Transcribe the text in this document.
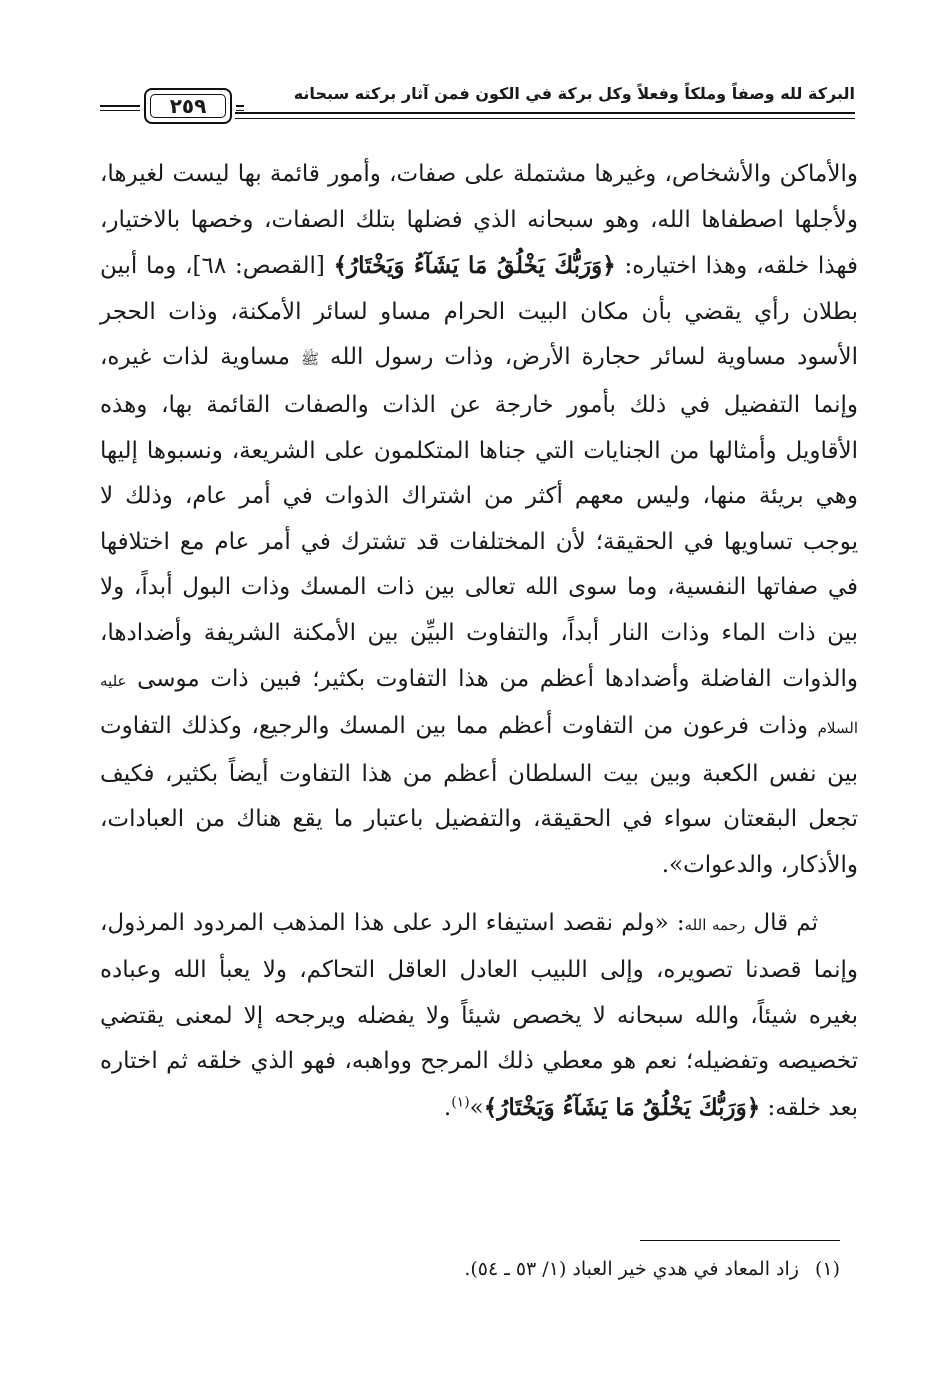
البركة لله وصفاً وملكاً وفعلاً وكل بركة في الكون فمن آثار بركته سبحانه
٢٥٩

والأماكن والأشخاص، وغيرها مشتملة على صفات، وأمور قائمة بها ليست لغيرها، ولأجلها اصطفاها الله، وهو سبحانه الذي فضلها بتلك الصفات، وخصها بالاختيار، فهذا خلقه، وهذا اختياره: ﴿وَرَبُّكَ يَخْلُقُ مَا يَشَآءُ وَيَخْتَارُ﴾ [القصص: ٦٨]، وما أبين بطلان رأي يقضي بأن مكان البيت الحرام مساو لسائر الأمكنة، وذات الحجر الأسود مساوية لسائر حجارة الأرض، وذات رسول الله ﷺ مساوية لذات غيره، وإنما التفضيل في ذلك بأمور خارجة عن الذات والصفات القائمة بها، وهذه الأقاويل وأمثالها من الجنايات التي جناها المتكلمون على الشريعة، ونسبوها إليها وهي بريئة منها، وليس معهم أكثر من اشتراك الذوات في أمر عام، وذلك لا يوجب تساويها في الحقيقة؛ لأن المختلفات قد تشترك في أمر عام مع اختلافها في صفاتها النفسية، وما سوى الله تعالى بين ذات المسك وذات البول أبداً، ولا بين ذات الماء وذات النار أبداً، والتفاوت البيِّن بين الأمكنة الشريفة وأضدادها، والذوات الفاضلة وأضدادها أعظم من هذا التفاوت بكثير؛ فبين ذات موسى عليه السلام وذات فرعون من التفاوت أعظم مما بين المسك والرجيع، وكذلك التفاوت بين نفس الكعبة وبين بيت السلطان أعظم من هذا التفاوت أيضاً بكثير، فكيف تجعل البقعتان سواء في الحقيقة، والتفضيل باعتبار ما يقع هناك من العبادات، والأذكار، والدعوات».

ثم قال رحمه الله: «ولم نقصد استيفاء الرد على هذا المذهب المردود المرذول، وإنما قصدنا تصويره، وإلى اللبيب العادل العاقل التحاكم، ولا يعبأ الله وعباده بغيره شيئاً، والله سبحانه لا يخصص شيئاً ولا يفضله ويرجحه إلا لمعنى يقتضي تخصيصه وتفضيله؛ نعم هو معطي ذلك المرجح وواهبه، فهو الذي خلقه ثم اختاره بعد خلقه: ﴿وَرَبُّكَ يَخْلُقُ مَا يَشَآءُ وَيَخْتَارُ﴾»$^{(١)}$.

(١)زاد المعاد في هدي خير العباد (١/ ٥٣ ـ ٥٤).
